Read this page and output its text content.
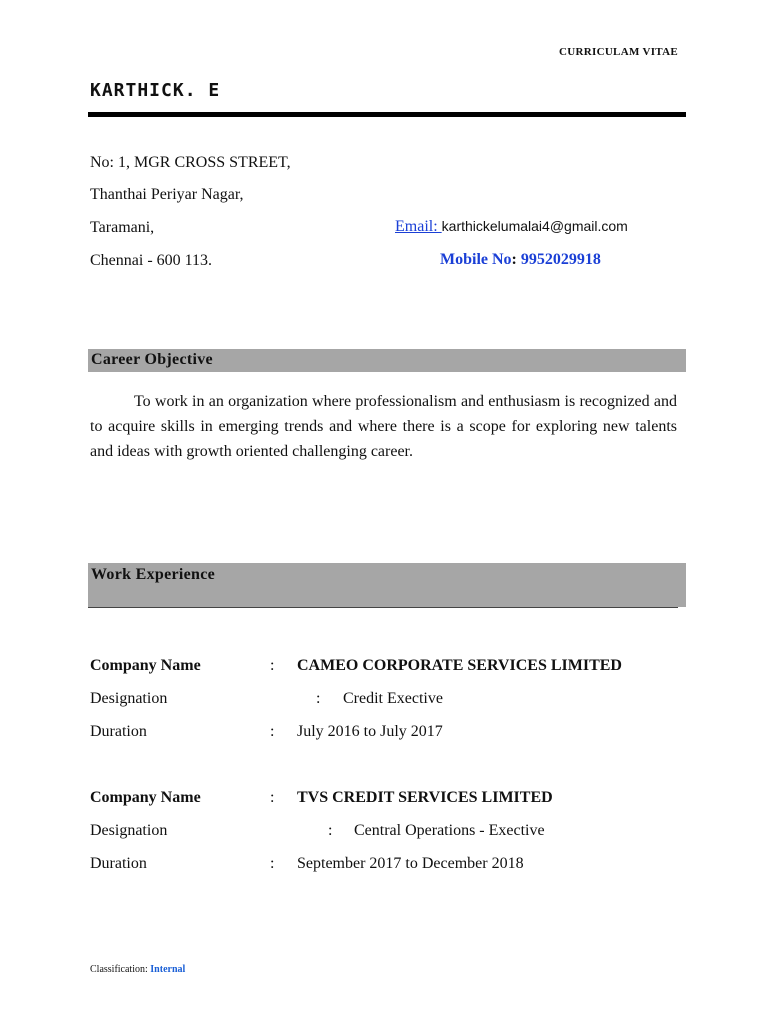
CURRICULAM VITAE
KARTHICK. E
No: 1, MGR CROSS STREET,
Thanthai Periyar Nagar,
Taramani,
Chennai - 600 113.
Email: karthickelumalai4@gmail.com
Mobile No: 9952029918
Career Objective

To work in an organization where professionalism and enthusiasm is recognized and to acquire skills in emerging trends and where there is a scope for exploring new talents and ideas with growth oriented challenging career.

Work Experience
Company Name	: CAMEO CORPORATE SERVICES LIMITED
Designation	: Credit Exective
Duration	: July 2016 to July 2017
Company Name	: TVS CREDIT SERVICES LIMITED
Designation	: Central Operations - Exective
Duration	: September 2017 to December 2018
Classification: Internal
